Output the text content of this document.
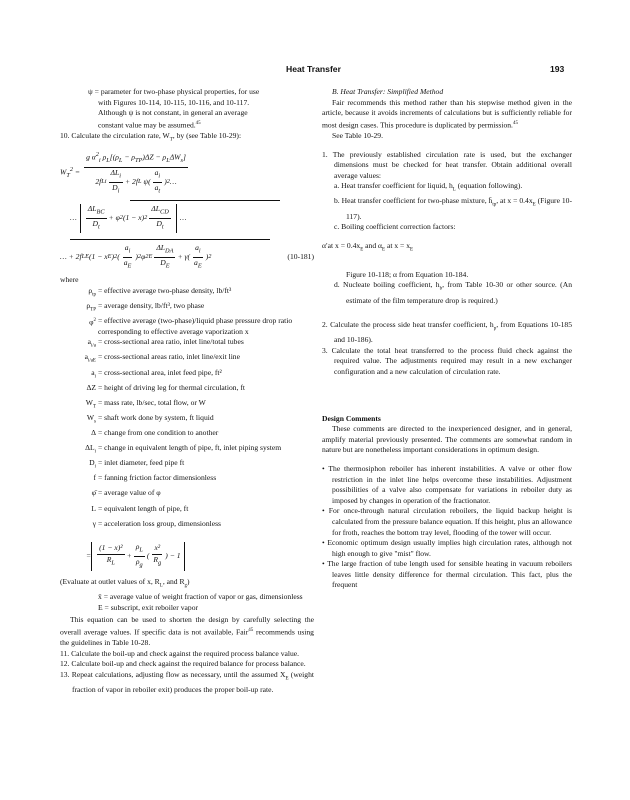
Heat Transfer	193

ψ = parameter for two-phase physical properties, for use
with Figures 10-114, 10-115, 10-116, and 10-117.
Although ψ is not constant, in general an average
constant value may be assumed.$^{45}$

10. Calculate the circulation rate, $W_T$, by (see Table 10-29):

$W_T^2$ =
g $\alpha^2_i$ $\rho_L[(\rho_L - \rho_{TP})\Delta Z - \rho_L\Delta W_s]$
2f Li $\frac{\Delta L_i}{D_i} + 2f$ L
ψ ( $\frac{a_i}{a_t}$ ) 2 …
… $\frac{\Delta L_{BC}}{D_t} + \varphi$ 2 (1 − x) $2 \frac{\Delta L_{CD}}{D_t}$ …
… + 2f LE (1 − x E ) 2 ( $\frac{a_i}{a_E}$ ) 2 φ 2 E $\frac{\Delta L_{DA}}{D_E} + \gamma$ ( $\frac{a_i}{a_E}$ ) 2	(10-181)

where

$\rho_{tp}=$ effective average two-phase density, lb/ft³

$\rho_{TP}=$ average density, lb/ft³, two phase

$\varphi^2$ = effective average (two-phase)/liquid phase pressure drop ratio corresponding to effective average vaporization x

$a_{i/a}=$ cross-sectional area ratio, inlet line/total tubes

$a_{i/aE}=$ cross-sectional areas ratio, inlet line/exit line

$a_i=$ cross-sectional area, inlet feed pipe, ft²

ΔZ = height of driving leg for thermal circulation, ft

$W_T=$ mass rate, lb/sec, total flow, or W

$W_s=$ shaft work done by system, ft liquid

Δ = change from one condition to another

$\Delta L_i=$ change in equivalent length of pipe, ft, inlet piping system

$D_i=$ inlet diameter, feed pipe ft

f = fanning friction factor dimensionless

φ̄ = average value of φ

L = equivalent length of pipe, ft

γ = acceleration loss group, dimensionless

= $\frac{\text{(1 − x)²}}{R_L} + \frac{\rho_L}{\rho_g}$ ( $\frac{\text{x²}}{R_g}$ ) − 1

(Evaluate at outlet values of x, $R_L$, and $R_g$)

x̄ = average value of weight fraction of vapor or gas, dimensionless

E = subscript, exit reboiler vapor

This equation can be used to shorten the design by carefully selecting the overall average values. If specific data is not available, Fair$^{45}$ recommends using the guidelines in Table 10-28.

11. Calculate the boil-up and check against the required process balance value.

12. Calculate boil-up and check against the required balance for process balance.

13. Repeat calculations, adjusting flow as necessary, until the assumed $X_E$ (weight fraction of vapor in reboiler exit) produces the proper boil-up rate.

B. Heat Transfer: Simplified Method

Fair recommends this method rather than his stepwise method given in the article, because it avoids increments of calculations but is sufficiently reliable for most design cases. This procedure is duplicated by permission.$^{45}$

See Table 10-29.

1. The previously established circulation rate is used, but the exchanger dimensions must be checked for heat transfer. Obtain additional overall average values:

a. Heat transfer coefficient for liquid, $h_L$ (equation following).

b. Heat transfer coefficient for two-phase mixture, $h̄_{tp}$, at $x = 0.4x_E$ (Figure 10-117).

c. Boiling coefficient correction factors:

α′at $x = 0.4x_E$ and $\alpha_E$ at $x = x_E$

Figure 10-118; α from Equation 10-184.

d. Nucleate boiling coefficient, $h_b$, from Table 10-30 or other source. (An estimate of the film temperature drop is required.)

2. Calculate the process side heat transfer coefficient, $h_p$, from Equations 10-185 and 10-186).

3. Calculate the total heat transferred to the process fluid check against the required value. The adjustments required may result in a new exchanger configuration and a new calculation of circulation rate.

Design Comments

These comments are directed to the inexperienced designer, and in general, amplify material previously presented. The comments are somewhat random in nature but are nonetheless important considerations in optimum design.

• The thermosiphon reboiler has inherent instabilities. A valve or other flow restriction in the inlet line helps overcome these instabilities. Adjustment possibilities of a valve also compensate for variations in reboiler duty as imposed by changes in operation of the fractionator.

• For once-through natural circulation reboilers, the liquid backup height is calculated from the pressure balance equation. If this height, plus an allowance for froth, reaches the bottom tray level, flooding of the tower will occur.

• Economic optimum design usually implies high circulation rates, although not high enough to give "mist" flow.

• The large fraction of tube length used for sensible heating in vacuum reboilers leaves little density difference for thermal circulation. This fact, plus the frequent
